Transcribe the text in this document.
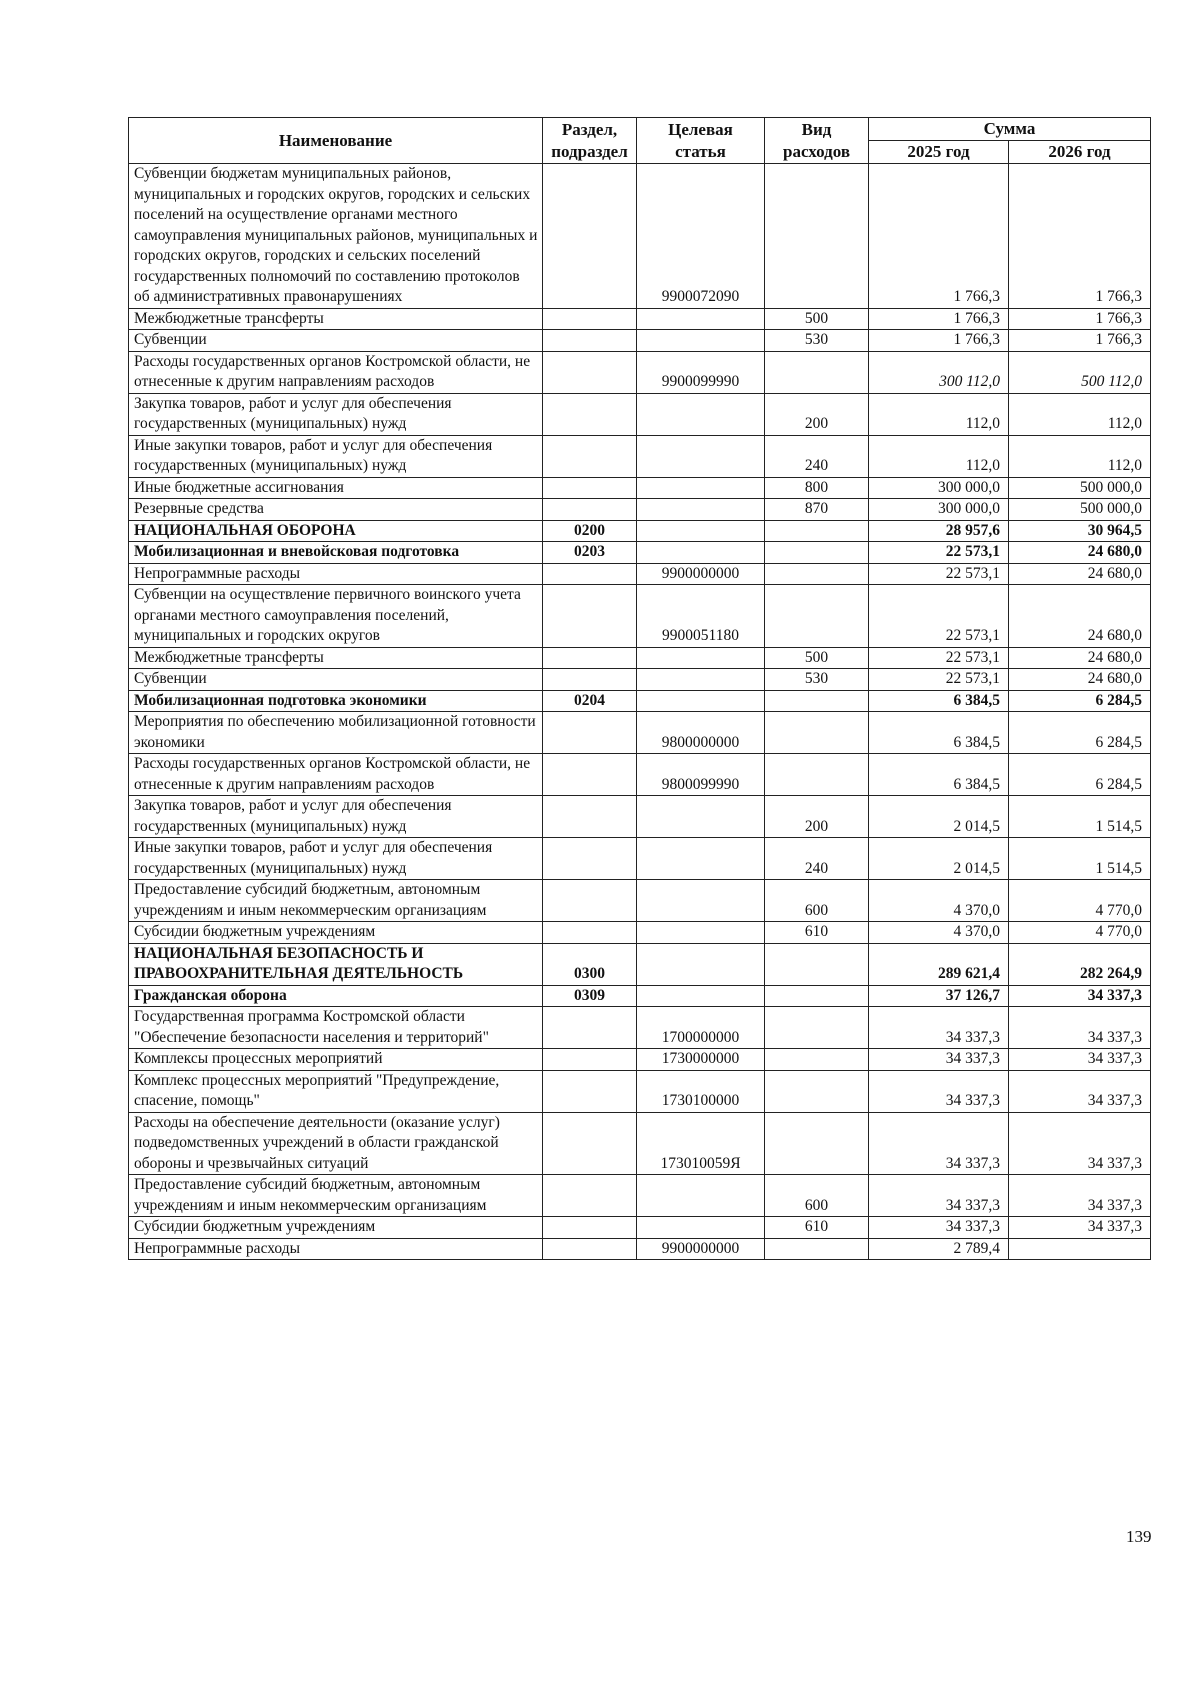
Наименование	Раздел, подраздел	Целевая статья	Вид расходов	Сумма	
				2025 год	2026 год
Субвенции бюджетам муниципальных районов, муниципальных и городских округов, городских и сельских поселений на осуществление органами местного самоуправления муниципальных районов, муниципальных и городских округов, городских и сельских поселений государственных полномочий по составлению протоколов об административных правонарушениях		9900072090		1 766,3	1 766,3
Межбюджетные трансферты			500	1 766,3	1 766,3
Субвенции			530	1 766,3	1 766,3
Расходы государственных органов Костромской области, не отнесенные к другим направлениям расходов		9900099990		300 112,0	500 112,0
Закупка товаров, работ и услуг для обеспечения государственных (муниципальных) нужд			200	112,0	112,0
Иные закупки товаров, работ и услуг для обеспечения государственных (муниципальных) нужд			240	112,0	112,0
Иные бюджетные ассигнования			800	300 000,0	500 000,0
Резервные средства			870	300 000,0	500 000,0
НАЦИОНАЛЬНАЯ ОБОРОНА	0200			28 957,6	30 964,5
Мобилизационная и вневойсковая подготовка	0203			22 573,1	24 680,0
Непрограммные расходы		9900000000		22 573,1	24 680,0
Субвенции на осуществление первичного воинского учета органами местного самоуправления поселений, муниципальных и городских округов		9900051180		22 573,1	24 680,0
Межбюджетные трансферты			500	22 573,1	24 680,0
Субвенции			530	22 573,1	24 680,0
Мобилизационная подготовка экономики	0204			6 384,5	6 284,5
Мероприятия по обеспечению мобилизационной готовности экономики		9800000000		6 384,5	6 284,5
Расходы государственных органов Костромской области, не отнесенные к другим направлениям расходов		9800099990		6 384,5	6 284,5
Закупка товаров, работ и услуг для обеспечения государственных (муниципальных) нужд			200	2 014,5	1 514,5
Иные закупки товаров, работ и услуг для обеспечения государственных (муниципальных) нужд			240	2 014,5	1 514,5
Предоставление субсидий бюджетным, автономным учреждениям и иным некоммерческим организациям			600	4 370,0	4 770,0
Субсидии бюджетным учреждениям			610	4 370,0	4 770,0
НАЦИОНАЛЬНАЯ БЕЗОПАСНОСТЬ И ПРАВООХРАНИТЕЛЬНАЯ ДЕЯТЕЛЬНОСТЬ	0300			289 621,4	282 264,9
Гражданская оборона	0309			37 126,7	34 337,3
Государственная программа Костромской области "Обеспечение безопасности населения и территорий"		1700000000		34 337,3	34 337,3
Комплексы процессных мероприятий		1730000000		34 337,3	34 337,3
Комплекс процессных мероприятий "Предупреждение, спасение, помощь"		1730100000		34 337,3	34 337,3
Расходы на обеспечение деятельности (оказание услуг) подведомственных учреждений в области гражданской обороны и чрезвычайных ситуаций		173010059Я		34 337,3	34 337,3
Предоставление субсидий бюджетным, автономным учреждениям и иным некоммерческим организациям			600	34 337,3	34 337,3
Субсидии бюджетным учреждениям			610	34 337,3	34 337,3
Непрограммные расходы		9900000000		2 789,4	
139
